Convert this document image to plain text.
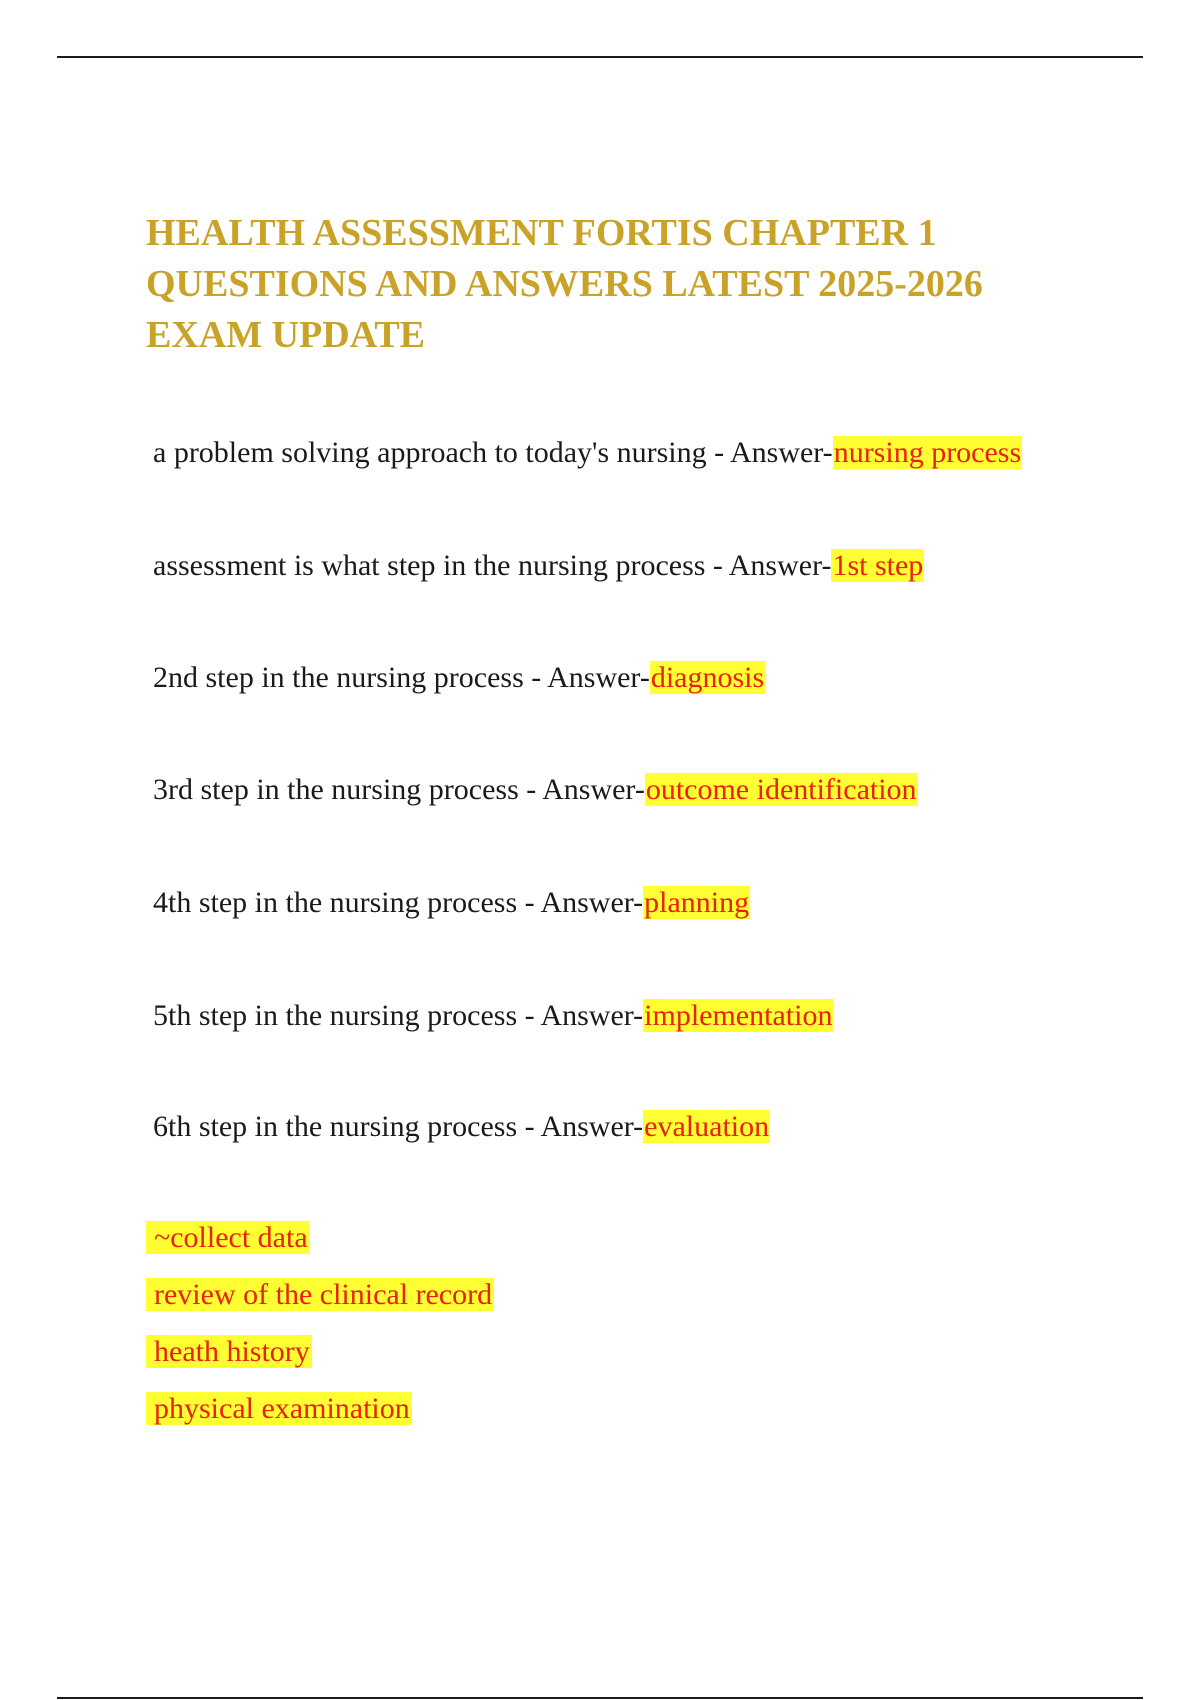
HEALTH ASSESSMENT FORTIS CHAPTER 1
QUESTIONS AND ANSWERS LATEST 2025-2026
EXAM UPDATE

a problem solving approach to today's nursing - Answer-nursing process

assessment is what step in the nursing process - Answer-1st step

2nd step in the nursing process - Answer-diagnosis

3rd step in the nursing process - Answer-outcome identification

4th step in the nursing process - Answer-planning

5th step in the nursing process - Answer-implementation

6th step in the nursing process - Answer-evaluation

~collect data
review of the clinical record
heath history
physical examination
